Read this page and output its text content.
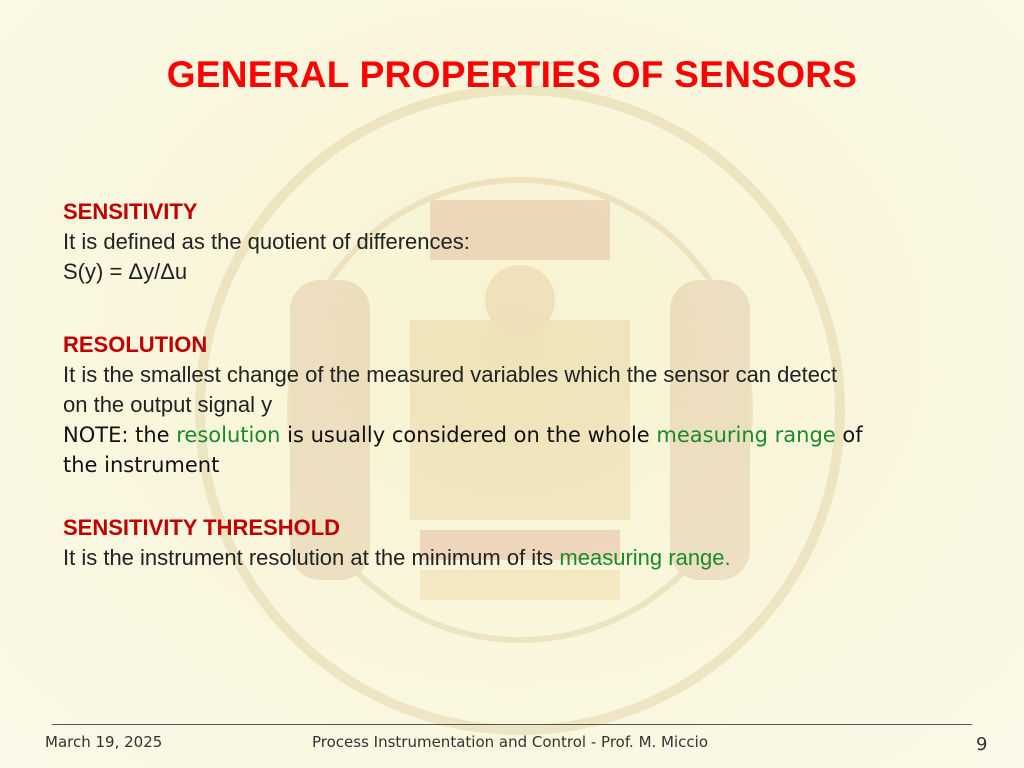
GENERAL PROPERTIES OF SENSORS
SENSITIVITY
It is defined as the quotient of differences:
S(y) = Δy/Δu
RESOLUTION
It is the smallest change of the measured variables which the sensor can detect
on the output signal y
NOTE: the resolution is usually considered on the whole measuring range of
the instrument
SENSITIVITY THRESHOLD
It is the instrument resolution at the minimum of its measuring range.
March 19, 2025	Process Instrumentation and Control - Prof. M. Miccio	9
